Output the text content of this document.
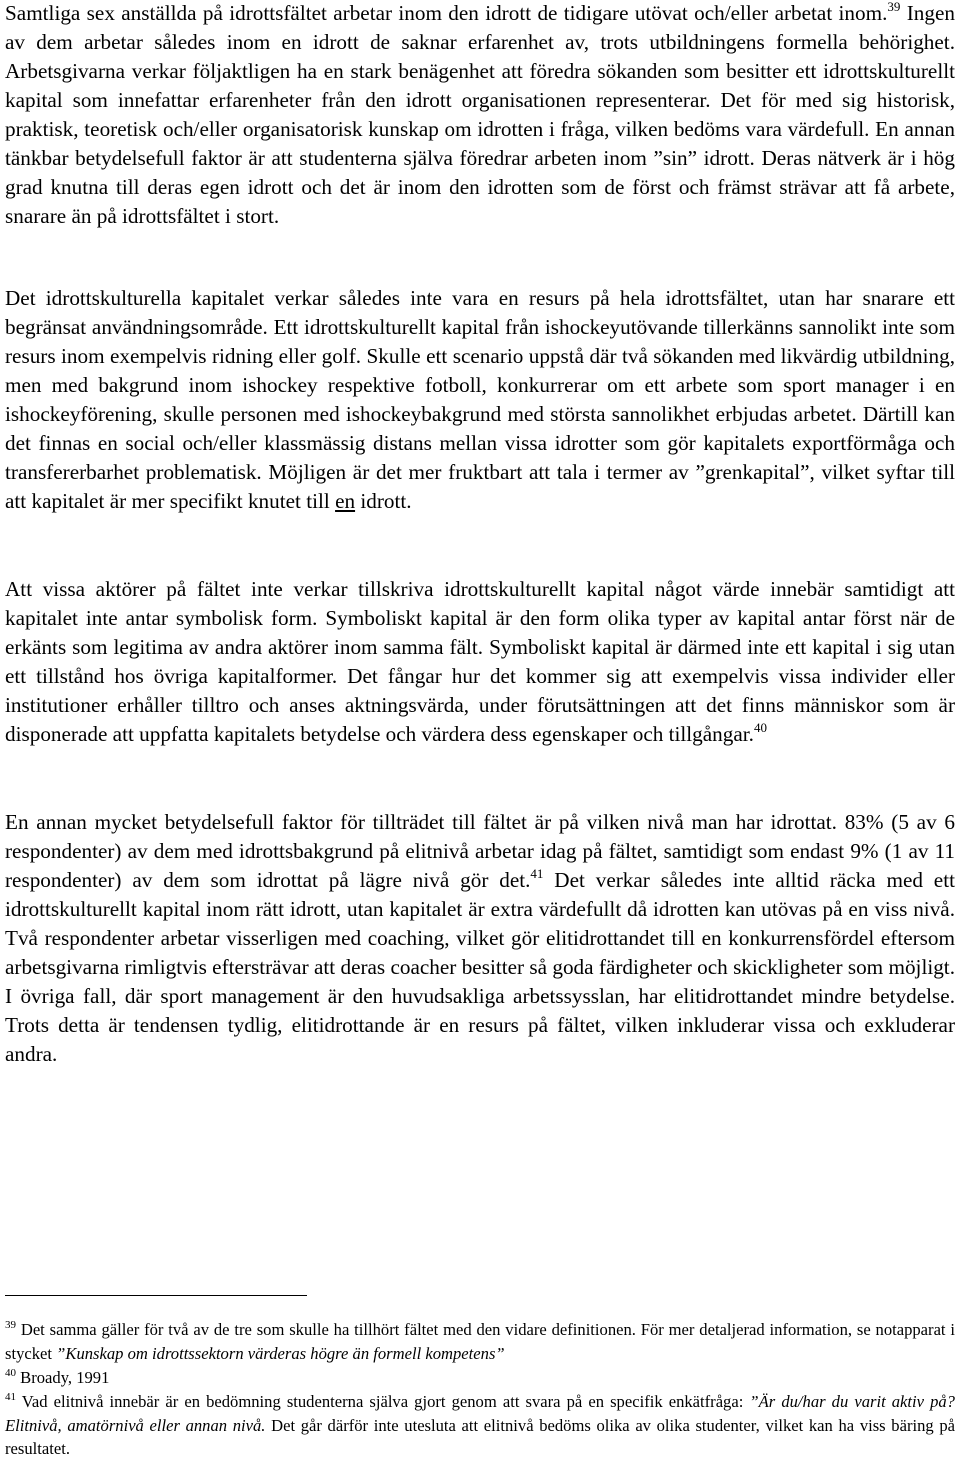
Samtliga sex anställda på idrottsfältet arbetar inom den idrott de tidigare utövat och/eller arbetat inom.$^{39}$ Ingen av dem arbetar således inom en idrott de saknar erfarenhet av, trots utbildningens formella behörighet. Arbetsgivarna verkar följaktligen ha en stark benägenhet att föredra sökanden som besitter ett idrottskulturellt kapital som innefattar erfarenheter från den idrott organisationen representerar. Det för med sig historisk, praktisk, teoretisk och/eller organisatorisk kunskap om idrotten i fråga, vilken bedöms vara värdefull. En annan tänkbar betydelsefull faktor är att studenterna själva föredrar arbeten inom ”sin” idrott. Deras nätverk är i hög grad knutna till deras egen idrott och det är inom den idrotten som de först och främst strävar att få arbete, snarare än på idrottsfältet i stort.

Det idrottskulturella kapitalet verkar således inte vara en resurs på hela idrottsfältet, utan har snarare ett begränsat användningsområde. Ett idrottskulturellt kapital från ishockeyutövande tillerkänns sannolikt inte som resurs inom exempelvis ridning eller golf. Skulle ett scenario uppstå där två sökanden med likvärdig utbildning, men med bakgrund inom ishockey respektive fotboll, konkurrerar om ett arbete som sport manager i en ishockeyförening, skulle personen med ishockeybakgrund med största sannolikhet erbjudas arbetet. Därtill kan det finnas en social och/eller klassmässig distans mellan vissa idrotter som gör kapitalets exportförmåga och transfererbarhet problematisk. Möjligen är det mer fruktbart att tala i termer av ”grenkapital”, vilket syftar till att kapitalet är mer specifikt knutet till en idrott.

Att vissa aktörer på fältet inte verkar tillskriva idrottskulturellt kapital något värde innebär samtidigt att kapitalet inte antar symbolisk form. Symboliskt kapital är den form olika typer av kapital antar först när de erkänts som legitima av andra aktörer inom samma fält. Symboliskt kapital är därmed inte ett kapital i sig utan ett tillstånd hos övriga kapitalformer. Det fångar hur det kommer sig att exempelvis vissa individer eller institutioner erhåller tilltro och anses aktningsvärda, under förutsättningen att det finns människor som är disponerade att uppfatta kapitalets betydelse och värdera dess egenskaper och tillgångar.$^{40}$

En annan mycket betydelsefull faktor för tillträdet till fältet är på vilken nivå man har idrottat. 83% (5 av 6 respondenter) av dem med idrottsbakgrund på elitnivå arbetar idag på fältet, samtidigt som endast 9% (1 av 11 respondenter) av dem som idrottat på lägre nivå gör det.$^{41}$ Det verkar således inte alltid räcka med ett idrottskulturellt kapital inom rätt idrott, utan kapitalet är extra värdefullt då idrotten kan utövas på en viss nivå. Två respondenter arbetar visserligen med coaching, vilket gör elitidrottandet till en konkurrensfördel eftersom arbetsgivarna rimligtvis eftersträvar att deras coacher besitter så goda färdigheter och skickligheter som möjligt. I övriga fall, där sport management är den huvudsakliga arbetssysslan, har elitidrottandet mindre betydelse. Trots detta är tendensen tydlig, elitidrottande är en resurs på fältet, vilken inkluderar vissa och exkluderar andra.

$^{39}$ Det samma gäller för två av de tre som skulle ha tillhört fältet med den vidare definitionen. För mer detaljerad information, se notapparat i stycket ”Kunskap om idrottssektorn värderas högre än formell kompetens”

$^{40}$ Broady, 1991

$^{41}$ Vad elitnivå innebär är en bedömning studenterna själva gjort genom att svara på en specifik enkätfråga: ”Är du/har du varit aktiv på? Elitnivå, amatörnivå eller annan nivå. Det går därför inte utesluta att elitnivå bedöms olika av olika studenter, vilket kan ha viss bäring på resultatet.
